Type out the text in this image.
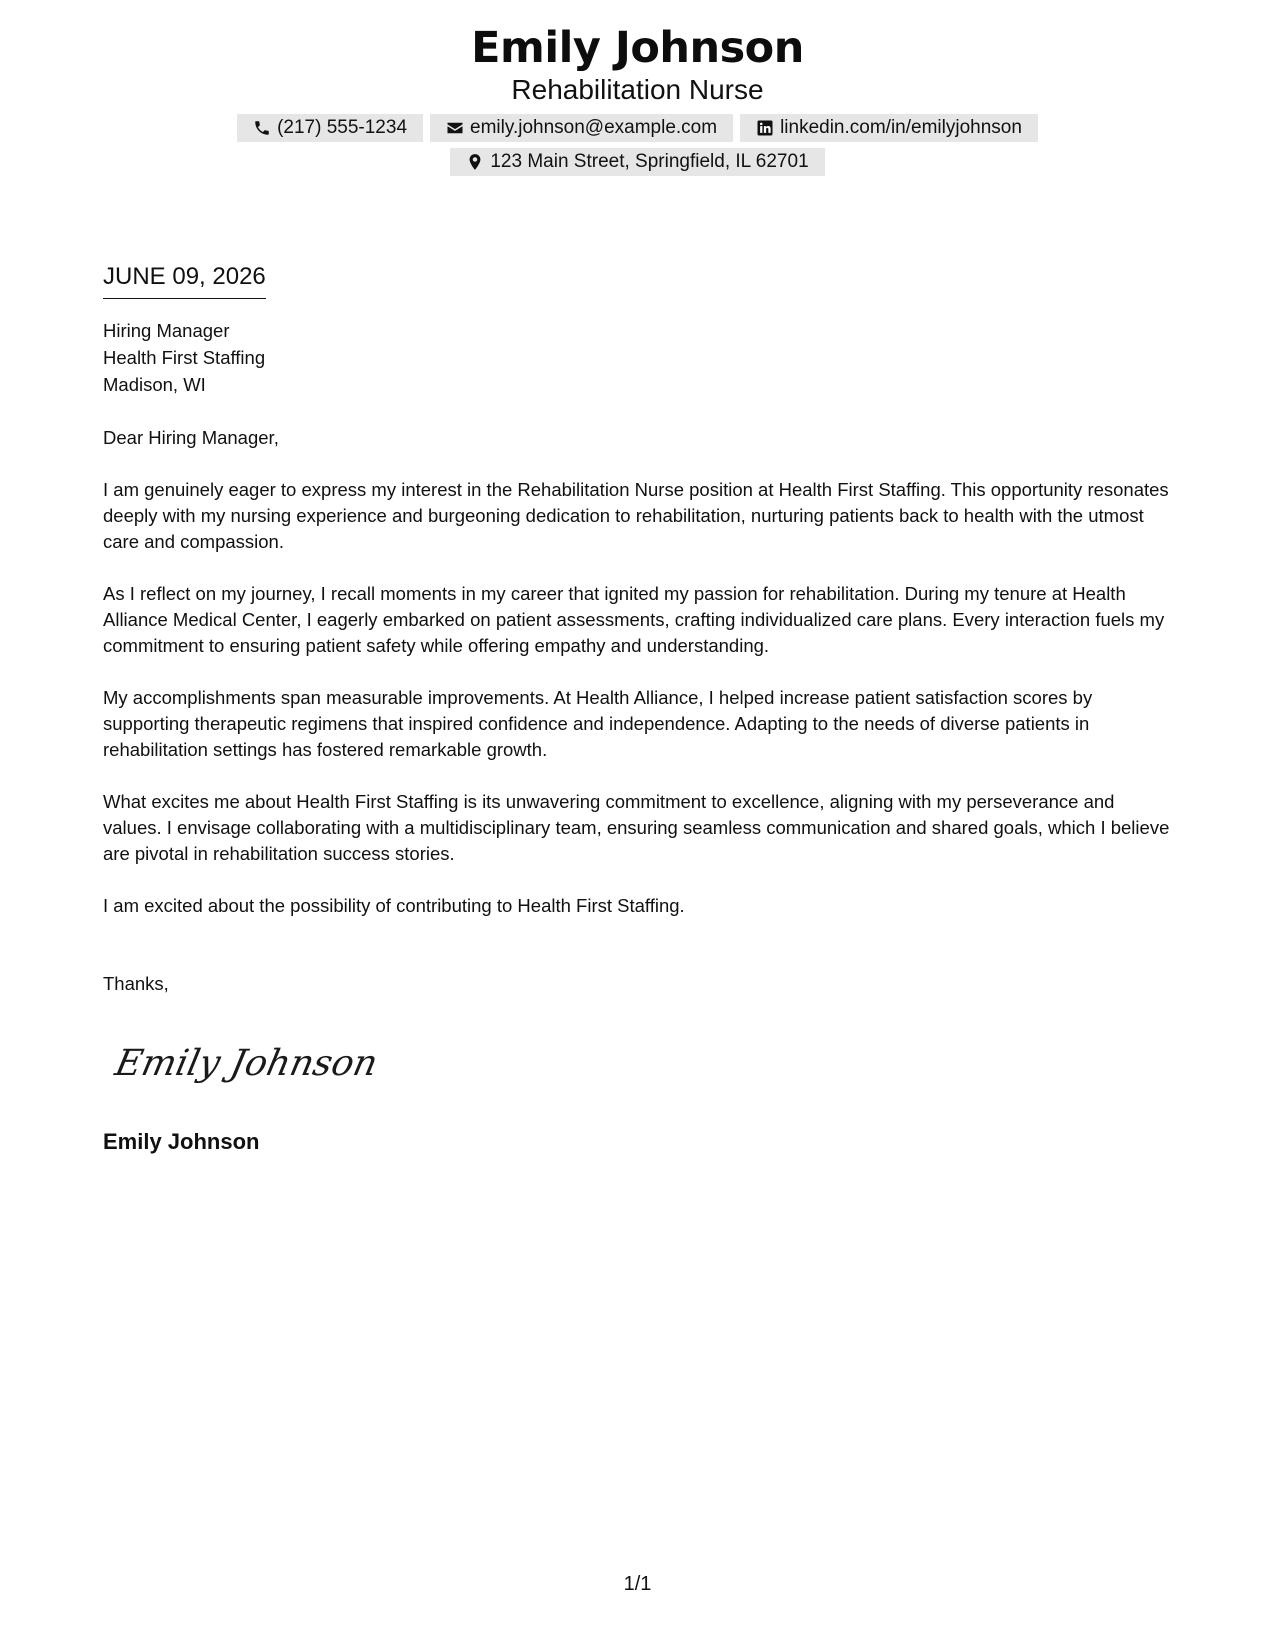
Emily Johnson
Rehabilitation Nurse
(217) 555-1234	emily.johnson@example.com	linkedin.com/in/emilyjohnson
123 Main Street, Springfield, IL 62701
JUNE 09, 2026
Hiring Manager
Health First Staffing
Madison, WI
Dear Hiring Manager,

I am genuinely eager to express my interest in the Rehabilitation Nurse position at Health First Staffing. This opportunity resonates deeply with my nursing experience and burgeoning dedication to rehabilitation, nurturing patients back to health with the utmost care and compassion.

As I reflect on my journey, I recall moments in my career that ignited my passion for rehabilitation. During my tenure at Health Alliance Medical Center, I eagerly embarked on patient assessments, crafting individualized care plans. Every interaction fuels my commitment to ensuring patient safety while offering empathy and understanding.

My accomplishments span measurable improvements. At Health Alliance, I helped increase patient satisfaction scores by supporting therapeutic regimens that inspired confidence and independence. Adapting to the needs of diverse patients in rehabilitation settings has fostered remarkable growth.

What excites me about Health First Staffing is its unwavering commitment to excellence, aligning with my perseverance and values. I envisage collaborating with a multidisciplinary team, ensuring seamless communication and shared goals, which I believe are pivotal in rehabilitation success stories.

I am excited about the possibility of contributing to Health First Staffing.

Thanks,
Emily Johnson
Emily Johnson
1/1
